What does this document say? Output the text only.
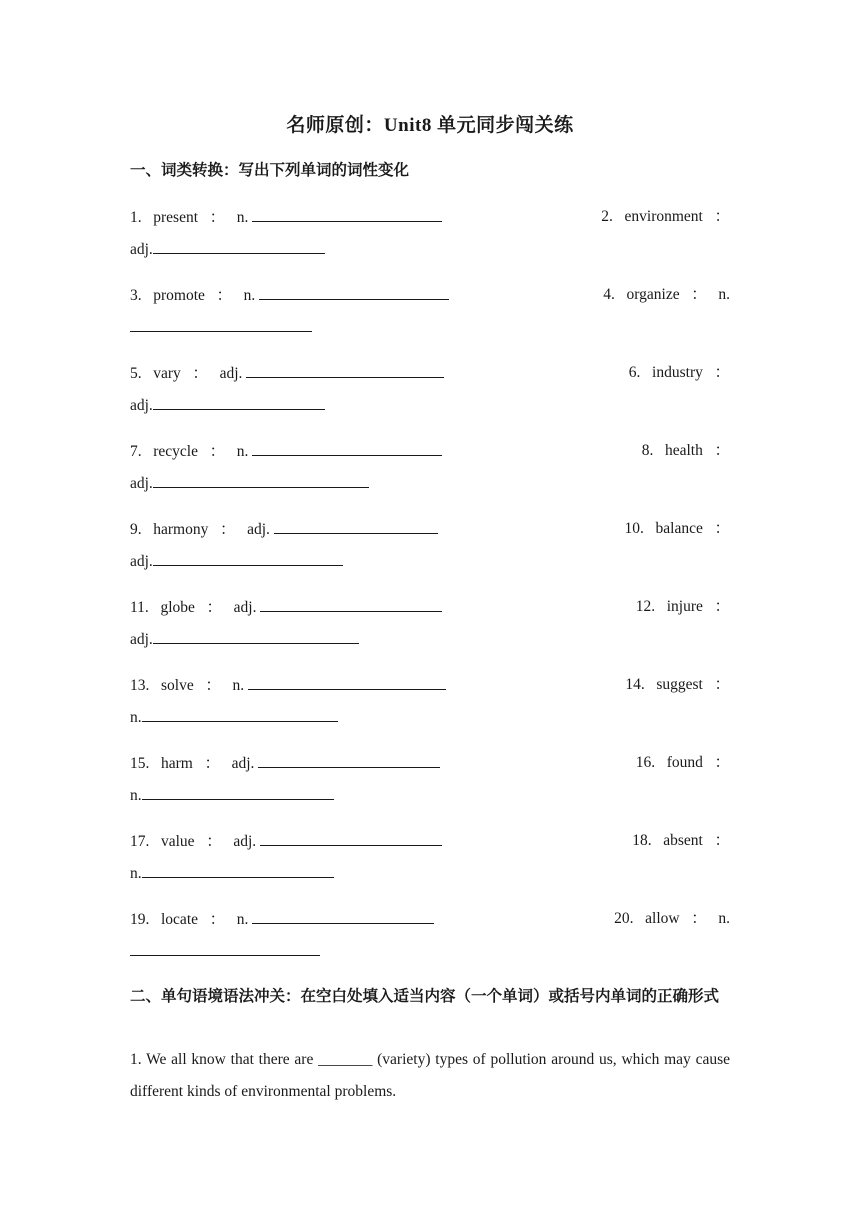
名师原创：Unit8 单元同步闯关练
一、词类转换：写出下列单词的词性变化
1.   present   ：   n.	2.   environment   ：
adj.
3.   promote   ：   n.	4.   organize   ：   n.
5.   vary   ：   adj.	6.   industry   ：
adj.
7.   recycle   ：   n.	8.   health   ：
adj.
9.   harmony   ：   adj.	10.   balance   ：
adj.
11.   globe   ：   adj.	12.   injure   ：
adj.
13.   solve   ：   n.	14.   suggest   ：
n.
15.   harm   ：   adj.	16.   found   ：
n.
17.   value   ：   adj.	18.   absent   ：
n.
19.   locate   ：   n.	20.   allow   ：   n.
二、单句语境语法冲关：在空白处填入适当内容（一个单词）或括号内单词的正确形式
1. We all know that there are _______ (variety) types of pollution around us, which may cause different kinds of environmental problems.
